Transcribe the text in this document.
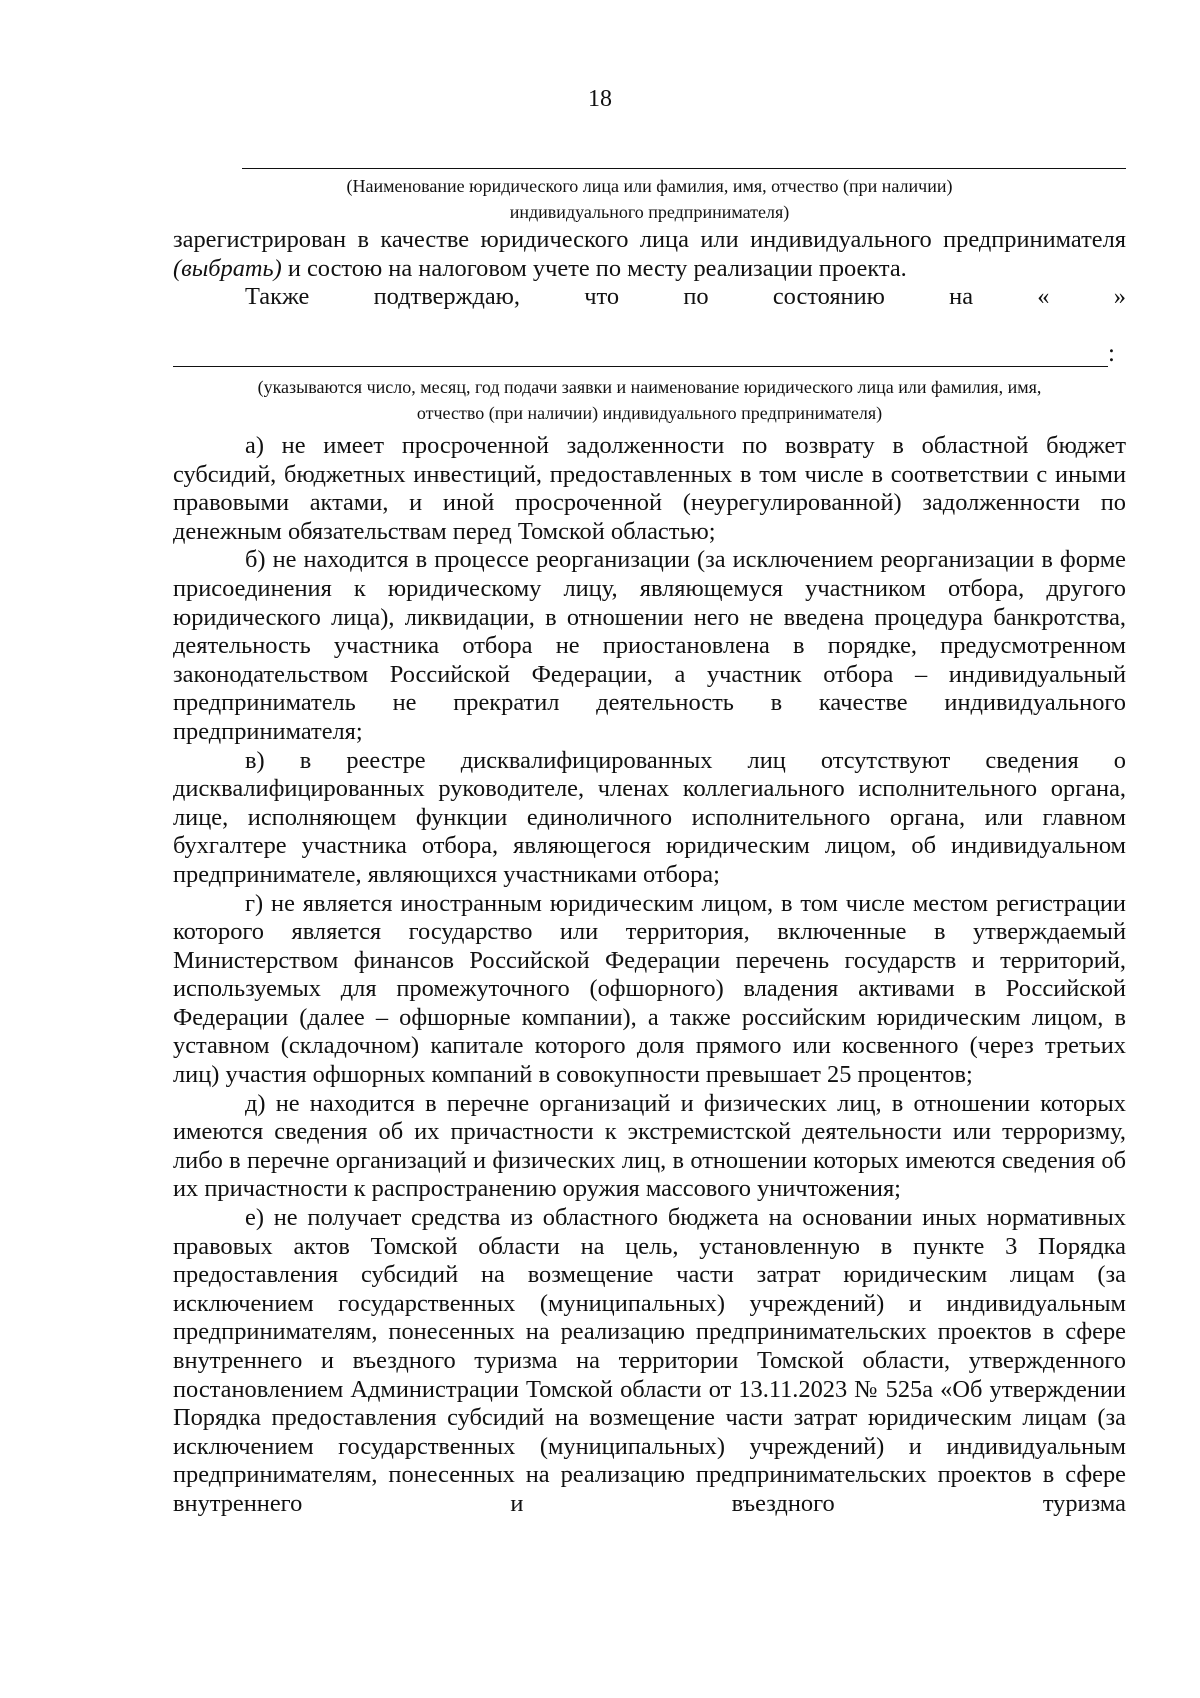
18
(Наименование юридического лица или фамилия, имя, отчество (при наличии)
индивидуального предпринимателя)

зарегистрирован в качестве юридического лица или индивидуального предпринимателя (выбрать) и состою на налоговом учете по месту реализации проекта.

Также	подтверждаю,	что	по	состоянию	на	«	»
:
(указываются число, месяц, год подачи заявки и наименование юридического лица или фамилия, имя,
отчество (при наличии) индивидуального предпринимателя)

а) не имеет просроченной задолженности по возврату в областной бюджет субсидий, бюджетных инвестиций, предоставленных в том числе в соответствии с иными правовыми актами, и иной просроченной (неурегулированной) задолженности по денежным обязательствам перед Томской областью;

б) не находится в процессе реорганизации (за исключением реорганизации в форме присоединения к юридическому лицу, являющемуся участником отбора, другого юридического лица), ликвидации, в отношении него не введена процедура банкротства, деятельность участника отбора не приостановлена в порядке, предусмотренном законодательством Российской Федерации, а участник отбора – индивидуальный предприниматель не прекратил деятельность в качестве индивидуального предпринимателя;

в) в реестре дисквалифицированных лиц отсутствуют сведения о дисквалифицированных руководителе, членах коллегиального исполнительного органа, лице, исполняющем функции единоличного исполнительного органа, или главном бухгалтере участника отбора, являющегося юридическим лицом, об индивидуальном предпринимателе, являющихся участниками отбора;

г) не является иностранным юридическим лицом, в том числе местом регистрации которого является государство или территория, включенные в утверждаемый Министерством финансов Российской Федерации перечень государств и территорий, используемых для промежуточного (офшорного) владения активами в Российской Федерации (далее – офшорные компании), а также российским юридическим лицом, в уставном (складочном) капитале которого доля прямого или косвенного (через третьих лиц) участия офшорных компаний в совокупности превышает 25 процентов;

д) не находится в перечне организаций и физических лиц, в отношении которых имеются сведения об их причастности к экстремистской деятельности или терроризму, либо в перечне организаций и физических лиц, в отношении которых имеются сведения об их причастности к распространению оружия массового уничтожения;

е) не получает средства из областного бюджета на основании иных нормативных правовых актов Томской области на цель, установленную в пункте 3 Порядка предоставления субсидий на возмещение части затрат юридическим лицам (за исключением государственных (муниципальных) учреждений) и индивидуальным предпринимателям, понесенных на реализацию предпринимательских проектов в сфере внутреннего и въездного туризма на территории Томской области, утвержденного постановлением Администрации Томской области от 13.11.2023 № 525а «Об утверждении Порядка предоставления субсидий на возмещение части затрат юридическим лицам (за исключением государственных (муниципальных) учреждений) и индивидуальным предпринимателям, понесенных на реализацию предпринимательских проектов в сфере внутреннего и въездного туризма
